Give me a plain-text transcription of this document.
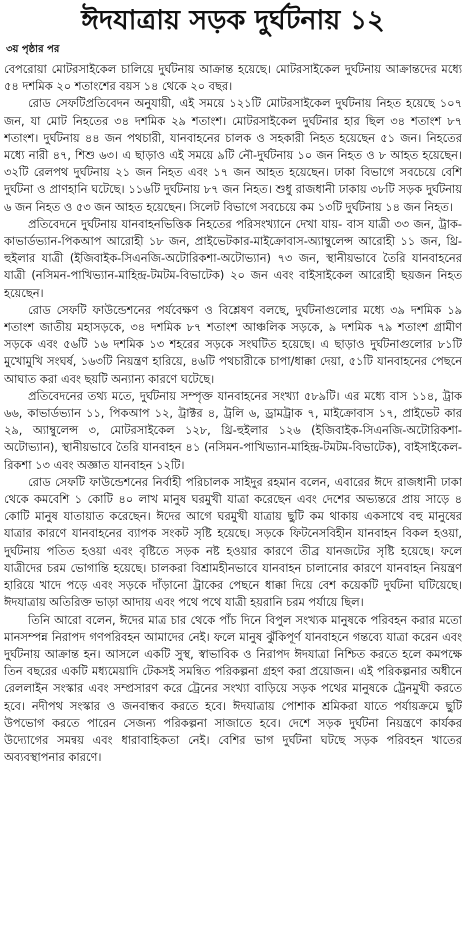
ঈদযাত্রায় সড়ক দুর্ঘটনায় ১২
৩য় পৃষ্ঠার পর

বেপরোয়া মোটরসাইকেল চালিয়ে দুর্ঘটনায় আক্রান্ত হয়েছে। মোটরসাইকেল দুর্ঘটনায় আক্রান্তদের মধ্যে ৫৪ দশমিক ২০ শতাংশের বয়স ১৪ থেকে ২০ বছর।

রোড সেফটিপ্রতিবেদন অনুযায়ী, এই সময়ে ১২১টি মোটরসাইকেল দুর্ঘটনায় নিহত হয়েছে ১০৭ জন, যা মোট নিহতের ৩৪ দশমিক ২৯ শতাংশ। মোটরসাইকেল দুর্ঘটনার হার ছিল ৩৪ শতাংশ ৮৭ শতাংশ। দুর্ঘটনায় ৪৪ জন পথচারী, যানবাহনের চালক ও সহকারী নিহত হয়েছেন ৫১ জন। নিহতের মধ্যে নারী ৪৭, শিশু ৬৩। এ ছাড়াও এই সময়ে ৯টি নৌ-দুর্ঘটনায় ১০ জন নিহত ও ৮ আহত হয়েছেন। ৩২টি রেলপথ দুর্ঘটনায় ২১ জন নিহত এবং ১৭ জন আহত হয়েছেন। ঢাকা বিভাগে সবচেয়ে বেশি দুর্ঘটনা ও প্রাণহানি ঘটেছে। ১১৬টি দুর্ঘটনায় ৮৭ জন নিহত। শুধু রাজধানী ঢাকায় ৩৮টি সড়ক দুর্ঘটনায় ৬ জন নিহত ও ৫৩ জন আহত হয়েছেন। সিলেট বিভাগে সবচেয়ে কম ১৩টি দুর্ঘটনায় ১৪ জন নিহত।

প্রতিবেদনে দুর্ঘটনায় যানবাহনভিত্তিক নিহতের পরিসংখ্যানে দেখা যায়- বাস যাত্রী ৩৩ জন, ট্রাক-কাভার্ডভ্যান-পিকআপ আরোহী ১৮ জন, প্রাইভেটকার-মাইক্রোবাস-অ্যাম্বুলেন্স আরোহী ১১ জন, থ্রি-হুইলার যাত্রী (ইজিবাইক-সিএনজি-অটোরিকশা-অটোভ্যান) ৭৩ জন, স্থানীয়ভাবে তৈরি যানবাহনের যাত্রী (নসিমন-পাখিভ্যান-মাহিন্দ্র-টমটম-বিভাটেক) ২০ জন এবং বাইসাইকেল আরোহী ছয়জন নিহত হয়েছেন।

রোড সেফটি ফাউন্ডেশনের পর্যবেক্ষণ ও বিশ্লেষণ বলছে, দুর্ঘটনাগুলোর মধ্যে ৩৯ দশমিক ১৯ শতাংশ জাতীয় মহাসড়কে, ৩৪ দশমিক ৮৭ শতাংশ আঞ্চলিক সড়কে, ৯ দশমিক ৭৯ শতাংশ গ্রামীণ সড়কে এবং ৫৬টি ১৬ দশমিক ১৩ শহরের সড়কে সংঘটিত হয়েছে। এ ছাড়াও দুর্ঘটনাগুলোর ৮১টি মুখোমুখি সংঘর্ষ, ১৬৩টি নিয়ন্ত্রণ হারিয়ে, ৪৬টি পথচারীকে চাপা/ধাক্কা দেয়া, ৫১টি যানবাহনের পেছনে আঘাত করা এবং ছয়টি অন্যান্য কারণে ঘটেছে।

প্রতিবেদনের তথ্য মতে, দুর্ঘটনায় সম্পৃক্ত যানবাহনের সংখ্যা ৫৮৯টি। এর মধ্যে বাস ১১৪, ট্রাক ৬৬, কাভার্ডভ্যান ১১, পিকআপ ১২, ট্রাক্টর ৪, ট্রলি ৬, ড্রামট্রাক ৭, মাইক্রোবাস ১৭, প্রাইভেট কার ২৯, অ্যাম্বুলেন্স ৩, মোটরসাইকেল ১২৮, থ্রি-হুইলার ১২৬ (ইজিবাইক-সিএনজি-অটোরিকশা-অটোভ্যান), স্থানীয়ভাবে তৈরি যানবাহন ৪১ (নসিমন-পাখিভ্যান-মাহিন্দ্র-টমটম-বিভাটেক), বাইসাইকেল-রিকশা ১৩ এবং অজ্ঞাত যানবাহন ১২টি।

রোড সেফটি ফাউন্ডেশনের নির্বাহী পরিচালক সাইদুর রহমান বলেন, এবারের ঈদে রাজধানী ঢাকা থেকে কমবেশি ১ কোটি ৪০ লাখ মানুষ ঘরমুখী যাত্রা করেছেন এবং দেশের অভ্যন্তরে প্রায় সাড়ে ৪ কোটি মানুষ যাতায়াত করেছেন। ঈদের আগে ঘরমুখী যাত্রায় ছুটি কম থাকায় একসাথে বহু মানুষের যাত্রার কারণে যানবাহনের ব্যাপক সংকট সৃষ্টি হয়েছে। সড়কে ফিটনেসবিহীন যানবাহন বিকল হওয়া, দুর্ঘটনায় পতিত হওয়া এবং বৃষ্টিতে সড়ক নষ্ট হওয়ার কারণে তীব্র যানজটের সৃষ্টি হয়েছে। ফলে যাত্রীদের চরম ভোগান্তি হয়েছে। চালকরা বিশ্রামহীনভাবে যানবাহন চালানোর কারণে যানবাহন নিয়ন্ত্রণ হারিয়ে খাদে পড়ে এবং সড়কে দাঁড়ানো ট্রাকের পেছনে ধাক্কা দিয়ে বেশ কয়েকটি দুর্ঘটনা ঘটিয়েছে। ঈদযাত্রায় অতিরিক্ত ভাড়া আদায় এবং পথে পথে যাত্রী হয়রানি চরম পর্যায়ে ছিল।

তিনি আরো বলেন, ঈদের মাত্র চার থেকে পাঁচ দিনে বিপুল সংখ্যক মানুষকে পরিবহন করার মতো মানসম্পন্ন নিরাপদ গণপরিবহন আমাদের নেই। ফলে মানুষ ঝুঁকিপূর্ণ যানবাহনে গন্তব্যে যাত্রা করেন এবং দুর্ঘটনায় আক্রান্ত হন। আসলে একটি সুস্থ, স্বাভাবিক ও নিরাপদ ঈদযাত্রা নিশ্চিত করতে হলে কমপক্ষে তিন বছরের একটি মধ্যমেয়াদি টেকসই সমন্বিত পরিকল্পনা গ্রহণ করা প্রয়োজন। এই পরিকল্পনার অধীনে রেললাইন সংস্কার এবং সম্প্রসারণ করে ট্রেনের সংখ্যা বাড়িয়ে সড়ক পথের মানুষকে ট্রেনমুখী করতে হবে। নদীপথ সংস্কার ও জনবান্ধব করতে হবে। ঈদযাত্রায় পোশাক শ্রমিকরা যাতে পর্যায়ক্রমে ছুটি উপভোগ করতে পারেন সেজন্য পরিকল্পনা সাজাতে হবে। দেশে সড়ক দুর্ঘটনা নিয়ন্ত্রণে কার্যকর উদ্যোগের সমন্বয় এবং ধারাবাহিকতা নেই। বেশির ভাগ দুর্ঘটনা ঘটছে সড়ক পরিবহন খাতের অব্যবস্থাপনার কারণে।
